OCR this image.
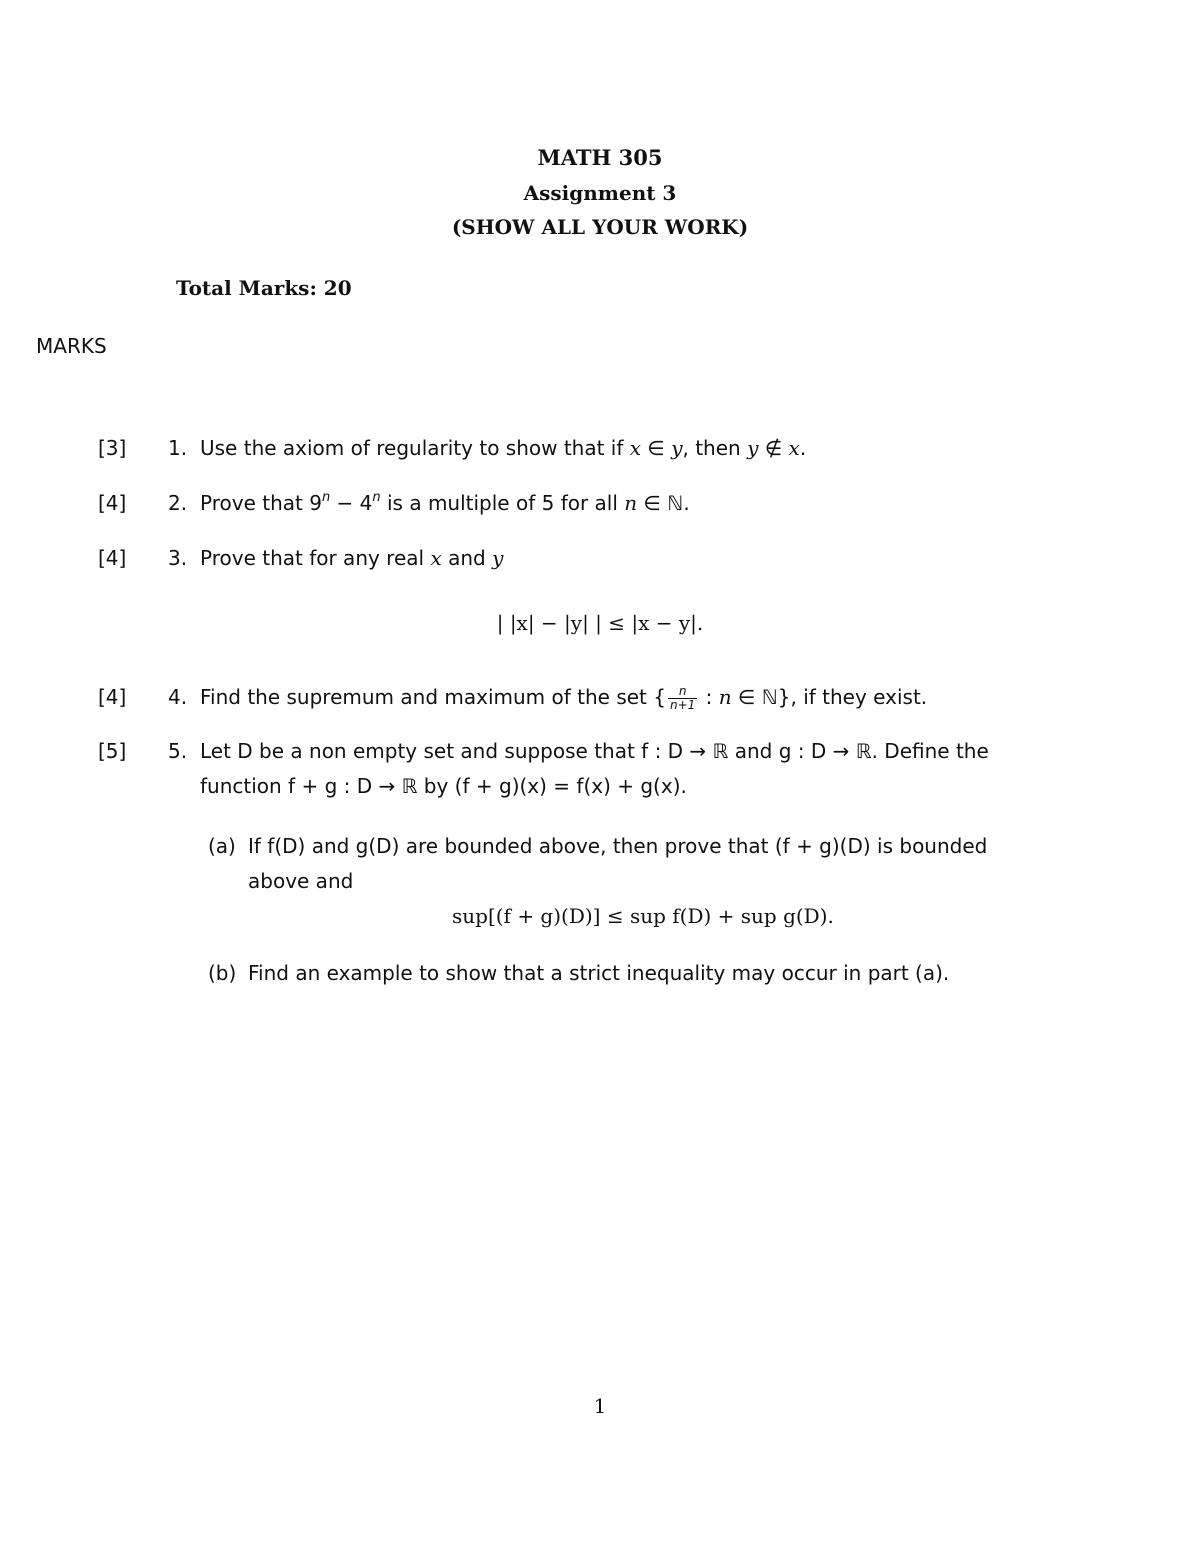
MATH 305
Assignment 3
(SHOW ALL YOUR WORK)
Total Marks: 20
MARKS
[3] 1. Use the axiom of regularity to show that if x ∈ y, then y ∉ x.
[4] 2. Prove that $9^n - 4^n$ is a multiple of 5 for all n ∈ ℕ.
[4] 3. Prove that for any real x and y
| |x| − |y| | ≤ |x − y|.
[4] 4. Find the supremum and maximum of the set { $\frac{n}{n+1}$ : n ∈ ℕ}, if they exist.
[5] 5. Let D be a non empty set and suppose that f : D → ℝ and g : D → ℝ. Define the
function f + g : D → ℝ by (f + g)(x) = f(x) + g(x).
(a) If f(D) and g(D) are bounded above, then prove that (f + g)(D) is bounded
above and
sup[(f + g)(D)] ≤ sup f(D) + sup g(D).
(b) Find an example to show that a strict inequality may occur in part (a).
1
